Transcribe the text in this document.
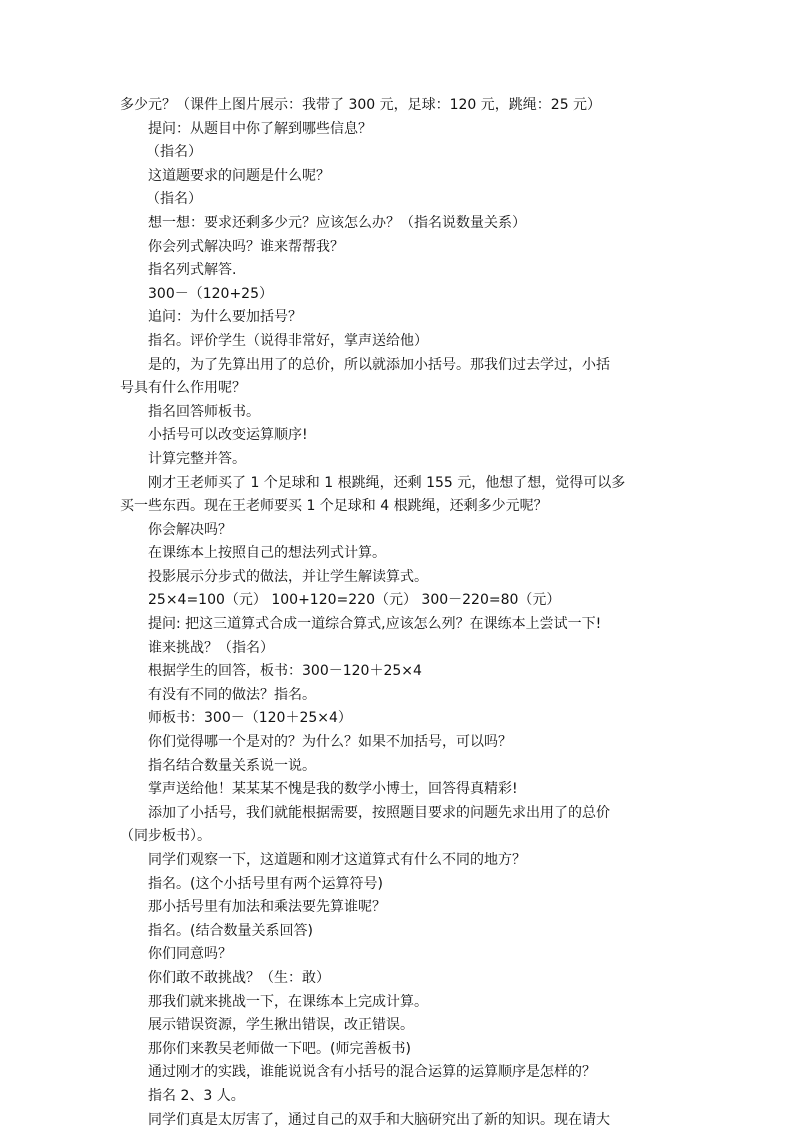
多少元？（课件上图片展示：我带了 300 元，足球：120 元，跳绳：25 元）
提问：从题目中你了解到哪些信息？
（指名）
这道题要求的问题是什么呢？
（指名）
想一想：要求还剩多少元？应该怎么办？（指名说数量关系）
你会列式解决吗？谁来帮帮我？
指名列式解答.
300－（120+25）
追问：为什么要加括号？
指名。评价学生（说得非常好，掌声送给他）
是的，为了先算出用了的总价，所以就添加小括号。那我们过去学过，小括
号具有什么作用呢？
指名回答师板书。
小括号可以改变运算顺序!
计算完整并答。
刚才王老师买了 1 个足球和 1 根跳绳，还剩 155 元，他想了想，觉得可以多
买一些东西。现在王老师要买 1 个足球和 4 根跳绳，还剩多少元呢？
你会解决吗？
在课练本上按照自己的想法列式计算。
投影展示分步式的做法，并让学生解读算式。
25×4=100（元） 100+120=220（元） 300－220=80（元）
提问: 把这三道算式合成一道综合算式,应该怎么列？在课练本上尝试一下!
谁来挑战？（指名）
根据学生的回答，板书：300－120＋25×4
有没有不同的做法？指名。
师板书：300－（120＋25×4）
你们觉得哪一个是对的？为什么？如果不加括号，可以吗？
指名结合数量关系说一说。
掌声送给他！某某某不愧是我的数学小博士，回答得真精彩!
添加了小括号，我们就能根据需要，按照题目要求的问题先求出用了的总价
（同步板书）。
同学们观察一下，这道题和刚才这道算式有什么不同的地方？
指名。(这个小括号里有两个运算符号)
那小括号里有加法和乘法要先算谁呢？
指名。(结合数量关系回答)
你们同意吗？
你们敢不敢挑战？（生：敢）
那我们就来挑战一下，在课练本上完成计算。
展示错误资源，学生揪出错误，改正错误。
那你们来教吴老师做一下吧。(师完善板书)
通过刚才的实践，谁能说说含有小括号的混合运算的运算顺序是怎样的？
指名 2、3 人。
同学们真是太厉害了，通过自己的双手和大脑研究出了新的知识。现在请大
